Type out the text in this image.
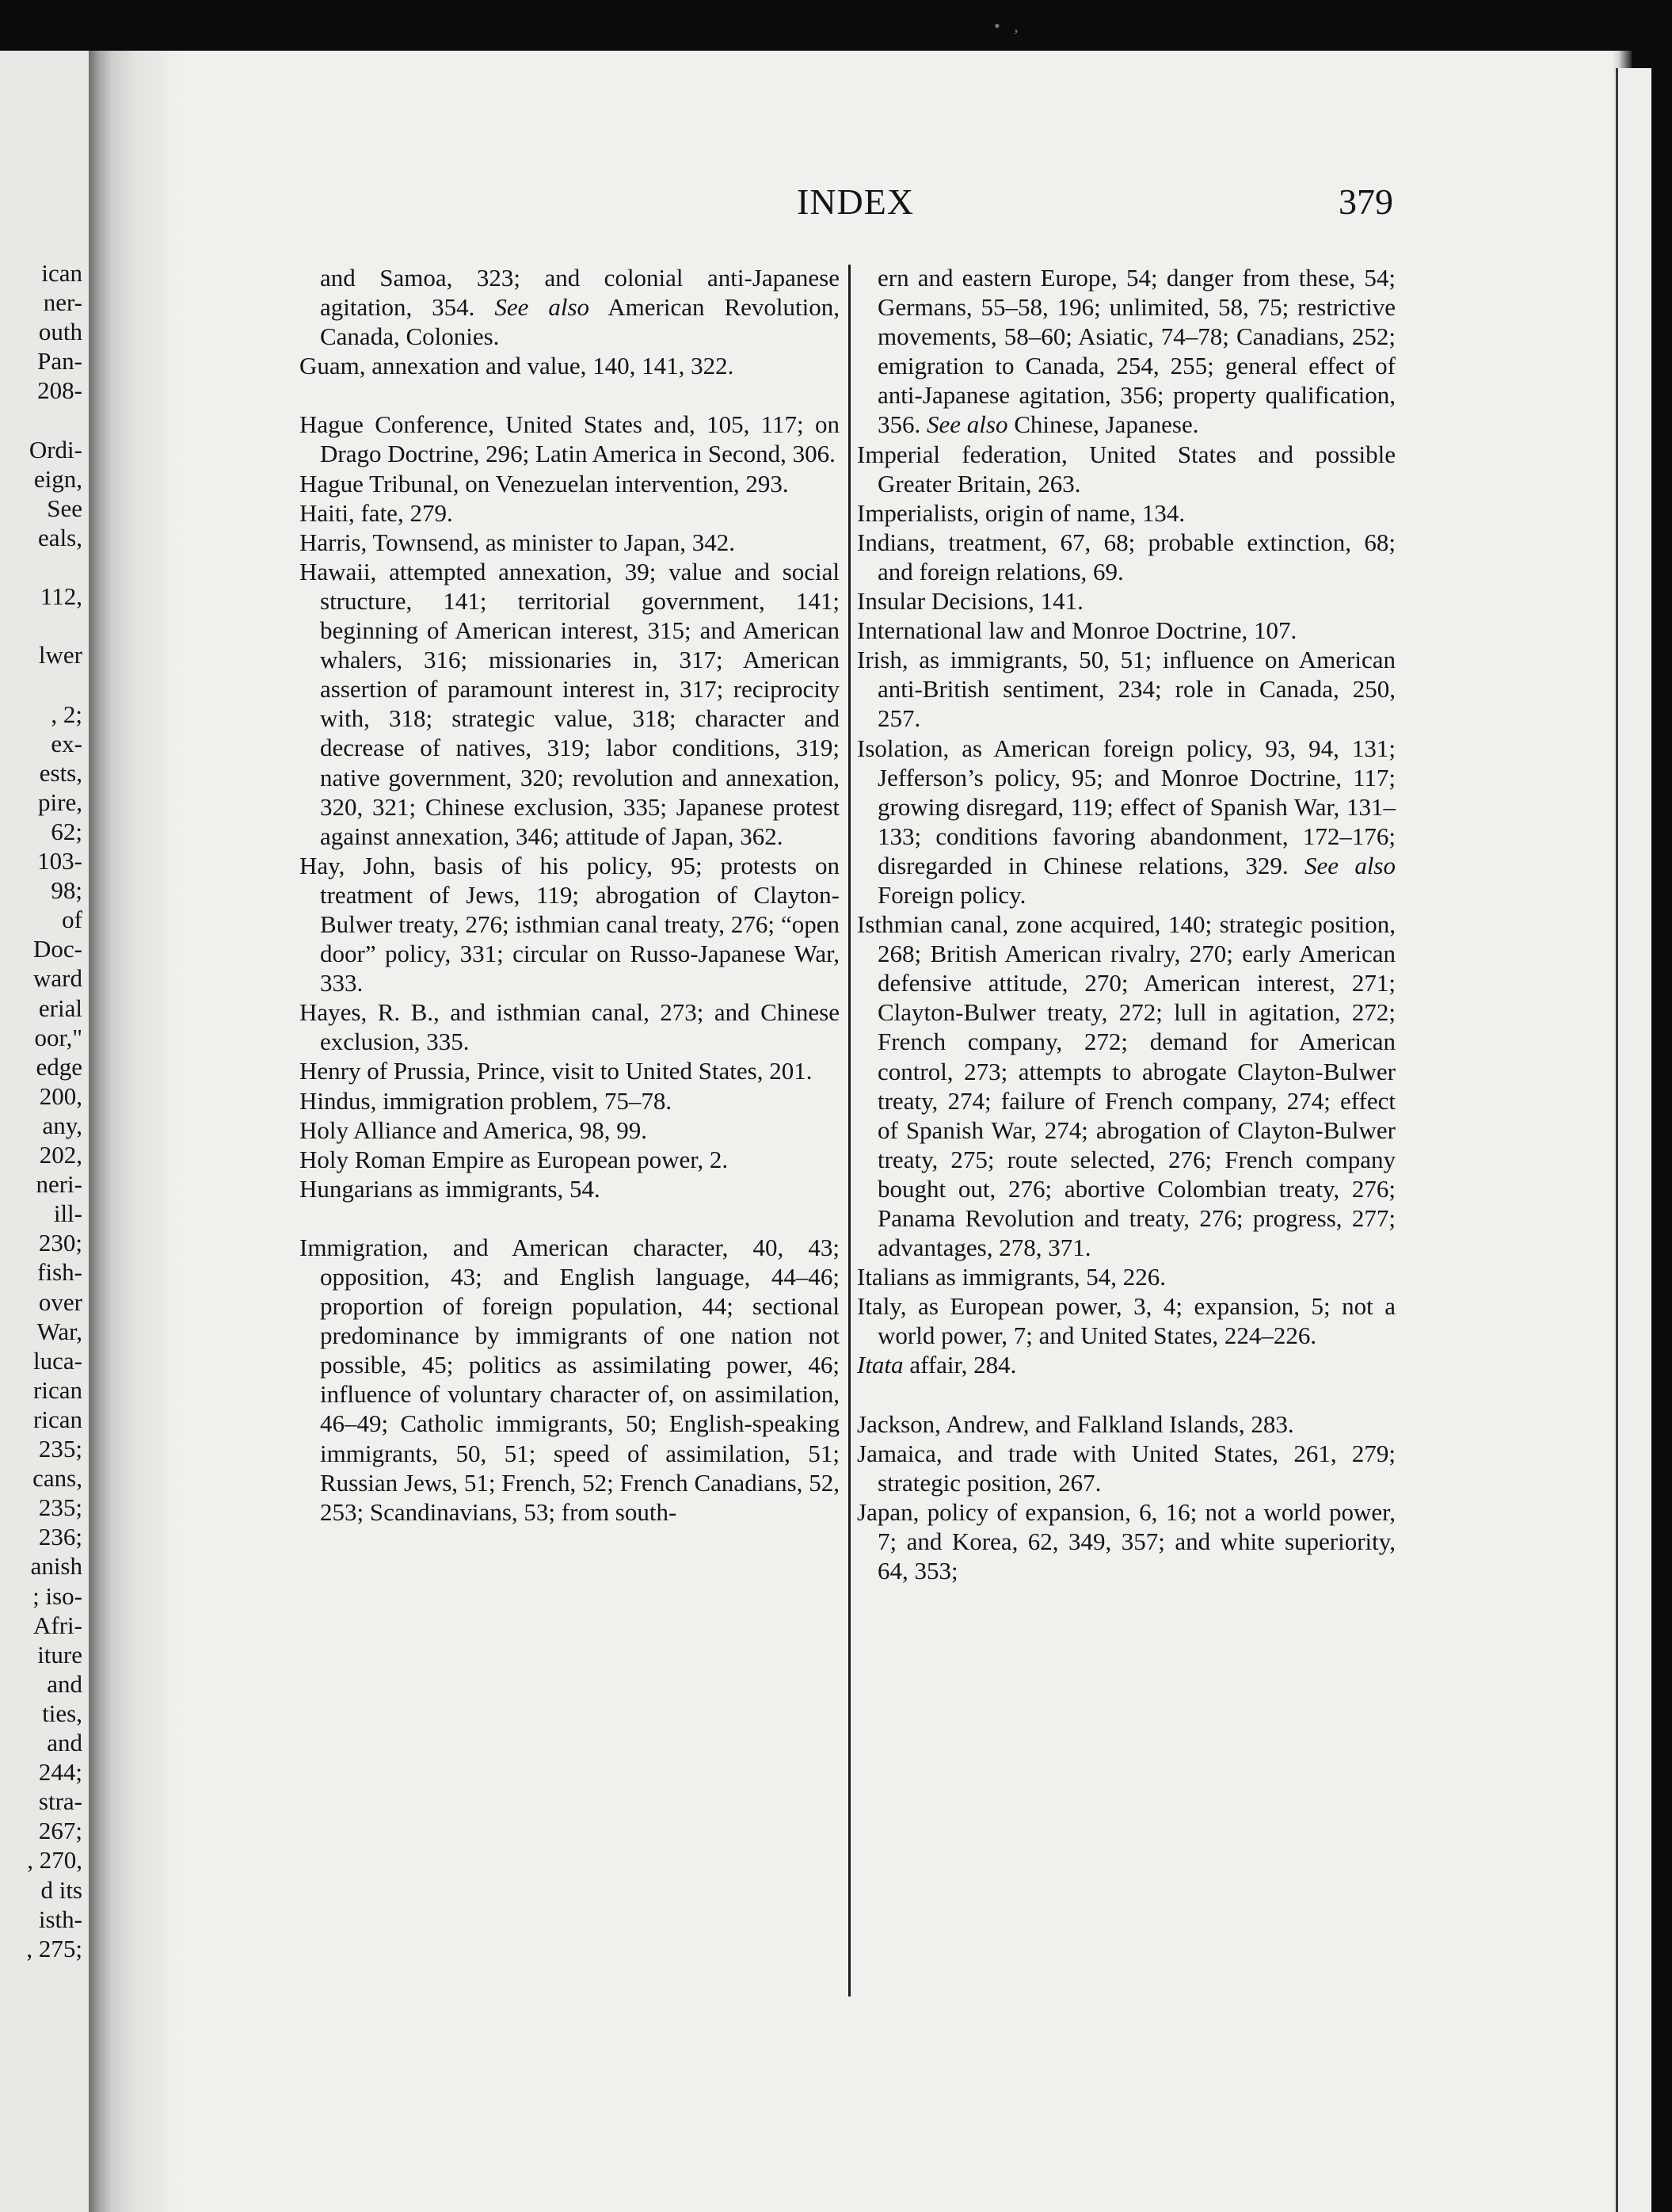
ican
ner-
outh
Pan-
208-
Ordi-
eign,
See
eals,
112,
lwer
, 2;
ex-
ests,
pire,
62;
103-
98;
of
Doc-
ward
erial
oor,"
edge
200,
any,
202,
neri-
ill-
230;
fish-
over
War,
luca-
rican
rican
235;
cans,
235;
236;
anish
; iso-
Afri-
iture
and
ties,
and
244;
stra-
267;
, 270,
d its
isth-
, 275;
• ,
INDEX	379

and Samoa, 323; and colonial anti-Japanese agitation, 354. See also American Revolution, Canada, Colonies.

Guam, annexation and value, 140, 141, 322.

Hague Conference, United States and, 105, 117; on Drago Doctrine, 296; Latin America in Second, 306.

Hague Tribunal, on Venezuelan intervention, 293.

Haiti, fate, 279.

Harris, Townsend, as minister to Japan, 342.

Hawaii, attempted annexation, 39; value and social structure, 141; territorial government, 141; beginning of American interest, 315; and American whalers, 316; missionaries in, 317; American assertion of paramount interest in, 317; reciprocity with, 318; strategic value, 318; character and decrease of natives, 319; labor conditions, 319; native government, 320; revolution and annexation, 320, 321; Chinese exclusion, 335; Japanese protest against annexation, 346; attitude of Japan, 362.

Hay, John, basis of his policy, 95; protests on treatment of Jews, 119; abrogation of Clayton-Bulwer treaty, 276; isthmian canal treaty, 276; “open door” policy, 331; circular on Russo-Japanese War, 333.

Hayes, R. B., and isthmian canal, 273; and Chinese exclusion, 335.

Henry of Prussia, Prince, visit to United States, 201.

Hindus, immigration problem, 75–78.

Holy Alliance and America, 98, 99.

Holy Roman Empire as European power, 2.

Hungarians as immigrants, 54.

Immigration, and American character, 40, 43; opposition, 43; and English language, 44–46; proportion of foreign population, 44; sectional predominance by immigrants of one nation not possible, 45; politics as assimilating power, 46; influence of voluntary character of, on assimilation, 46–49; Catholic immigrants, 50; English-speaking immigrants, 50, 51; speed of assimilation, 51; Russian Jews, 51; French, 52; French Canadians, 52, 253; Scandinavians, 53; from south-

ern and eastern Europe, 54; danger from these, 54; Germans, 55–58, 196; unlimited, 58, 75; restrictive movements, 58–60; Asiatic, 74–78; Canadians, 252; emigration to Canada, 254, 255; general effect of anti-Japanese agitation, 356; property qualification, 356. See also Chinese, Japanese.

Imperial federation, United States and possible Greater Britain, 263.

Imperialists, origin of name, 134.

Indians, treatment, 67, 68; probable extinction, 68; and foreign relations, 69.

Insular Decisions, 141.

International law and Monroe Doctrine, 107.

Irish, as immigrants, 50, 51; influence on American anti-British sentiment, 234; role in Canada, 250, 257.

Isolation, as American foreign policy, 93, 94, 131; Jefferson’s policy, 95; and Monroe Doctrine, 117; growing disregard, 119; effect of Spanish War, 131–133; conditions favoring abandonment, 172–176; disregarded in Chinese relations, 329. See also Foreign policy.

Isthmian canal, zone acquired, 140; strategic position, 268; British American rivalry, 270; early American defensive attitude, 270; American interest, 271; Clayton-Bulwer treaty, 272; lull in agitation, 272; French company, 272; demand for American control, 273; attempts to abrogate Clayton-Bulwer treaty, 274; failure of French company, 274; effect of Spanish War, 274; abrogation of Clayton-Bulwer treaty, 275; route selected, 276; French company bought out, 276; abortive Colombian treaty, 276; Panama Revolution and treaty, 276; progress, 277; advantages, 278, 371.

Italians as immigrants, 54, 226.

Italy, as European power, 3, 4; expansion, 5; not a world power, 7; and United States, 224–226.

Itata affair, 284.

Jackson, Andrew, and Falkland Islands, 283.

Jamaica, and trade with United States, 261, 279; strategic position, 267.

Japan, policy of expansion, 6, 16; not a world power, 7; and Korea, 62, 349, 357; and white superiority, 64, 353;
